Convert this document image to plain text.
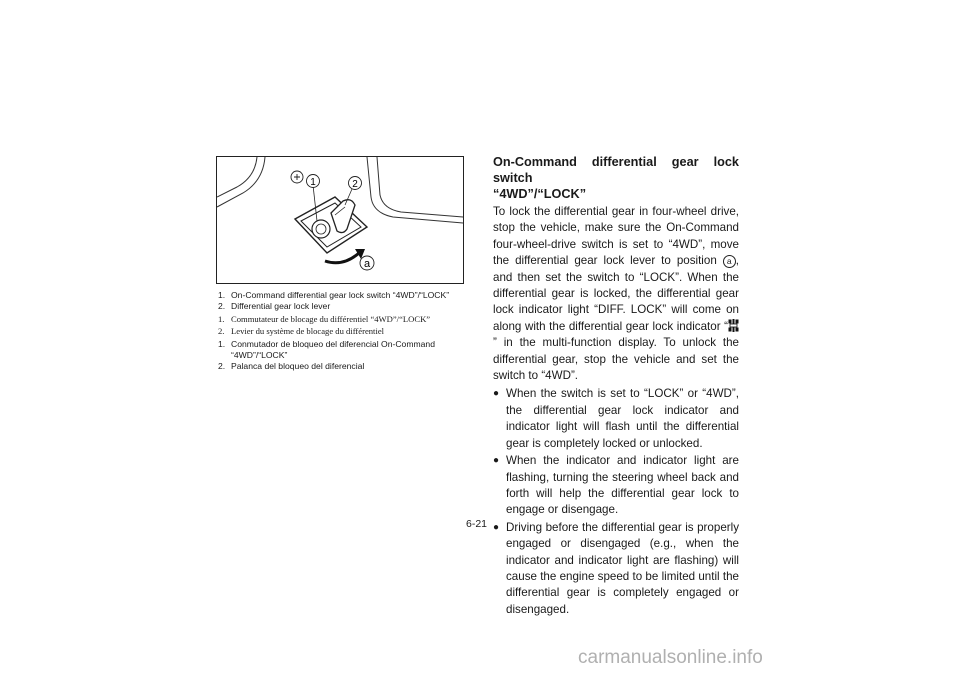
1	2
a

1. On-Command differential gear lock switch “4WD”/“LOCK”

2. Differential gear lock lever

1. Commutateur de blocage du différentiel “4WD”/“LOCK”

2. Levier du système de blocage du différentiel

1. Conmutador de bloqueo del diferencial On-Command “4WD”/“LOCK”

2. Palanca del bloqueo del diferencial

On-Command differential gear lock switch
“4WD”/“LOCK”

To lock the differential gear in four-wheel drive, stop the vehicle, make sure the On-Command four-wheel-drive switch is set to “4WD”, move the differential gear lock lever to position a , and then set the switch to “LOCK”. When the differential gear is locked, the differential gear lock indicator light “DIFF. LOCK” will come on along with the differential gear lock indicator “” in the multi-function display. To unlock the differential gear, stop the vehicle and set the switch to “4WD”.

● When the switch is set to “LOCK” or “4WD”, the differential gear lock indicator and indicator light will flash until the differential gear is completely locked or unlocked.

● When the indicator and indicator light are flashing, turning the steering wheel back and forth will help the differential gear lock to engage or disengage.

● Driving before the differential gear is properly engaged or disengaged (e.g., when the indicator and indicator light are flashing) will cause the engine speed to be limited until the differential gear is completely engaged or disengaged.

6-21
carmanualsonline.info
